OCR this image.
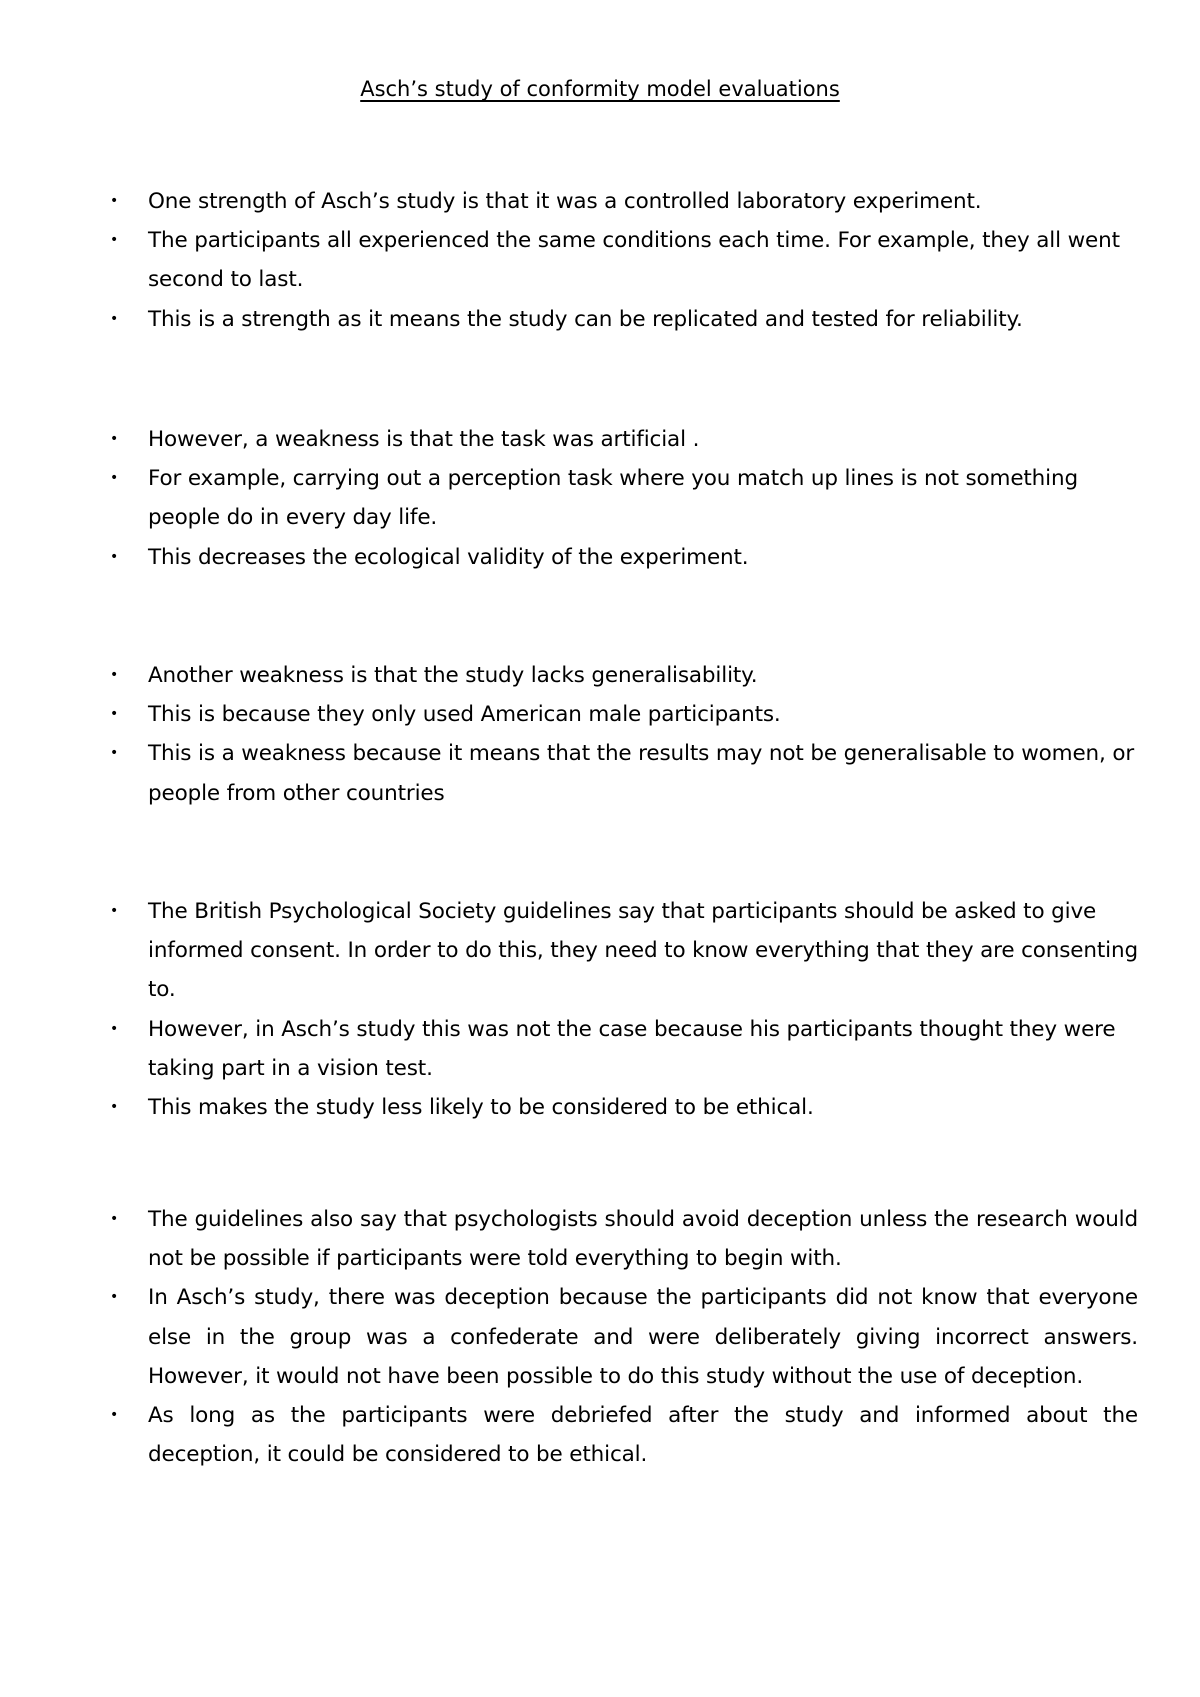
Asch’s study of conformity model evaluations
• One strength of Asch’s study is that it was a controlled laboratory experiment.
• The participants all experienced the same conditions each time. For example, they all went second to last.
• This is a strength as it means the study can be replicated and tested for reliability.
• However, a weakness is that the task was artificial .
• For example, carrying out a perception task where you match up lines is not something people do in every day life.
• This decreases the ecological validity of the experiment.
• Another weakness is that the study lacks generalisability.
• This is because they only used American male participants.
• This is a weakness because it means that the results may not be generalisable to women, or people from other countries
• The British Psychological Society guidelines say that participants should be asked to give informed consent. In order to do this, they need to know everything that they are consenting to.
• However, in Asch’s study this was not the case because his participants thought they were taking part in a vision test.
• This makes the study less likely to be considered to be ethical.
• The guidelines also say that psychologists should avoid deception unless the research would not be possible if participants were told everything to begin with.
• In Asch’s study, there was deception because the participants did not know that everyone else in the group was a confederate and were deliberately giving incorrect answers. However, it would not have been possible to do this study without the use of deception.
• As long as the participants were debriefed after the study and informed about the deception, it could be considered to be ethical.
